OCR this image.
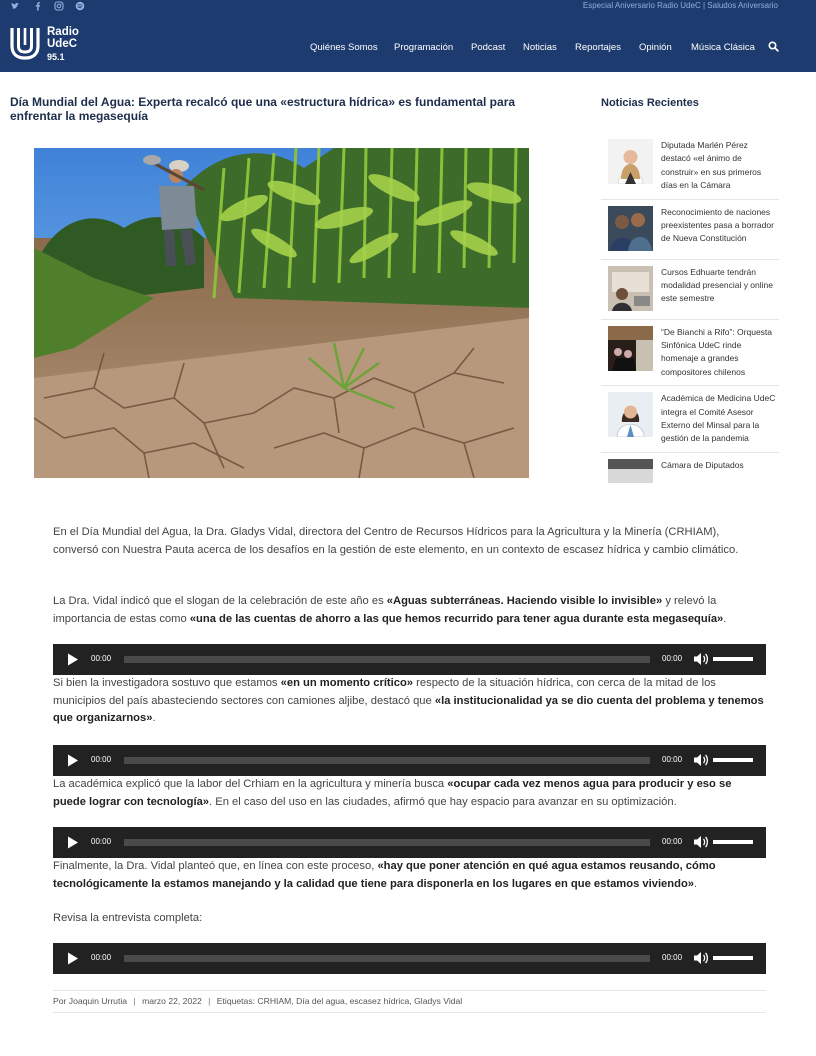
Especial Aniversario Radio UdeC | Saludos Aniversario
Radio
UdeC
95.1
Quiénes Somos Programación Podcast Noticias Reportajes Opinión Música Clásica
Día Mundial del Agua: Experta recalcó que una «estructura hídrica» es fundamental para enfrentar la megasequía
Noticias Recientes
Diputada Marlén Pérez destacó «el ánimo de construir» en sus primeros días en la Cámara
Reconocimiento de naciones preexistentes pasa a borrador de Nueva Constitución
Cursos Edhuarte tendrán modalidad presencial y online este semestre
“De Bianchi a Rifo”: Orquesta Sinfónica UdeC rinde homenaje a grandes compositores chilenos
Académica de Medicina UdeC integra el Comité Asesor Externo del Minsal para la gestión de la pandemia
Cámara de Diputados

En el Día Mundial del Agua, la Dra. Gladys Vidal, directora del Centro de Recursos Hídricos para la Agricultura y la Minería (CRHIAM), conversó con Nuestra Pauta acerca de los desafíos en la gestión de este elemento, en un contexto de escasez hídrica y cambio climático.

La Dra. Vidal indicó que el slogan de la celebración de este año es «Aguas subterráneas. Haciendo visible lo invisible» y relevó la importancia de estas como «una de las cuentas de ahorro a las que hemos recurrido para tener agua durante esta megasequía».

00:00	00:00

Si bien la investigadora sostuvo que estamos «en un momento crítico» respecto de la situación hídrica, con cerca de la mitad de los municipios del país abasteciendo sectores con camiones aljibe, destacó que «la institucionalidad ya se dio cuenta del problema y tenemos que organizarnos».

00:00	00:00

La académica explicó que la labor del Crhiam en la agricultura y minería busca «ocupar cada vez menos agua para producir y eso se puede lograr con tecnología». En el caso del uso en las ciudades, afirmó que hay espacio para avanzar en su optimización.

00:00	00:00

Finalmente, la Dra. Vidal planteó que, en línea con este proceso, «hay que poner atención en qué agua estamos reusando, cómo tecnológicamente la estamos manejando y la calidad que tiene para disponerla en los lugares en que estamos viviendo».

Revisa la entrevista completa:

00:00	00:00
Por Joaquin Urrutia | marzo 22, 2022 | Etiquetas: CRHIAM, Día del agua, escasez hídrica, Gladys Vidal
